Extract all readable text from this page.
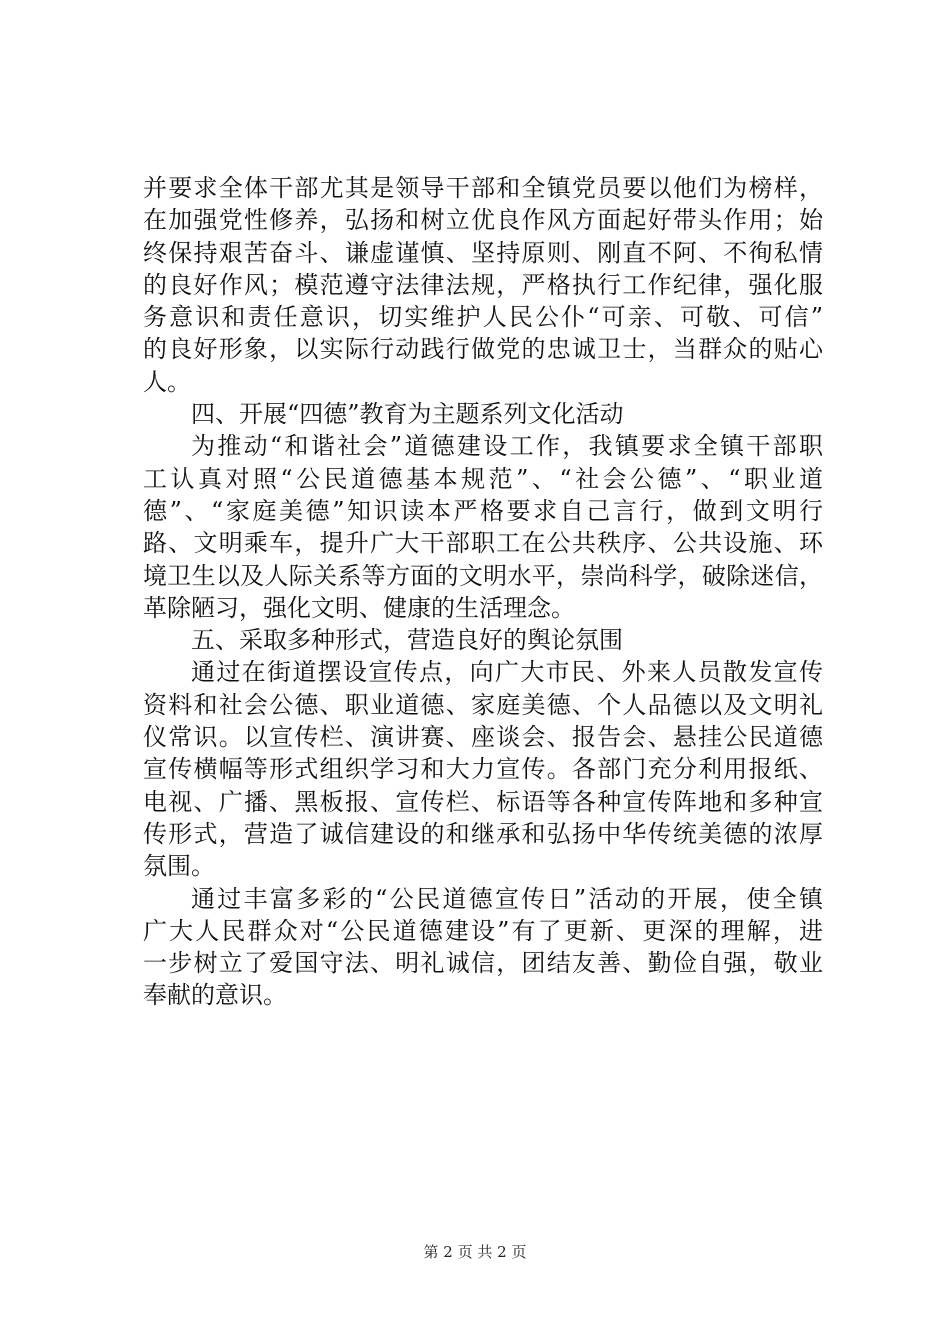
并要求全体干部尤其是领导干部和全镇党员要以他们为榜样，
在加强党性修养，弘扬和树立优良作风方面起好带头作用；始
终保持艰苦奋斗、谦虚谨慎、坚持原则、刚直不阿、不徇私情
的良好作风；模范遵守法律法规，严格执行工作纪律，强化服
务意识和责任意识，切实维护人民公仆“可亲、可敬、可信”
的良好形象，以实际行动践行做党的忠诚卫士，当群众的贴心
人。
四、开展“四德”教育为主题系列文化活动
为推动“和谐社会”道德建设工作，我镇要求全镇干部职
工认真对照“公民道德基本规范”、“社会公德”、“职业道
德”、“家庭美德”知识读本严格要求自己言行，做到文明行
路、文明乘车，提升广大干部职工在公共秩序、公共设施、环
境卫生以及人际关系等方面的文明水平，崇尚科学，破除迷信，
革除陋习，强化文明、健康的生活理念。
五、采取多种形式，营造良好的舆论氛围
通过在街道摆设宣传点，向广大市民、外来人员散发宣传
资料和社会公德、职业道德、家庭美德、个人品德以及文明礼
仪常识。以宣传栏、演讲赛、座谈会、报告会、悬挂公民道德
宣传横幅等形式组织学习和大力宣传。各部门充分利用报纸、
电视、广播、黑板报、宣传栏、标语等各种宣传阵地和多种宣
传形式，营造了诚信建设的和继承和弘扬中华传统美德的浓厚
氛围。
通过丰富多彩的“公民道德宣传日”活动的开展，使全镇
广大人民群众对“公民道德建设”有了更新、更深的理解，进
一步树立了爱国守法、明礼诚信，团结友善、勤俭自强，敬业
奉献的意识。
第 2 页 共 2 页
